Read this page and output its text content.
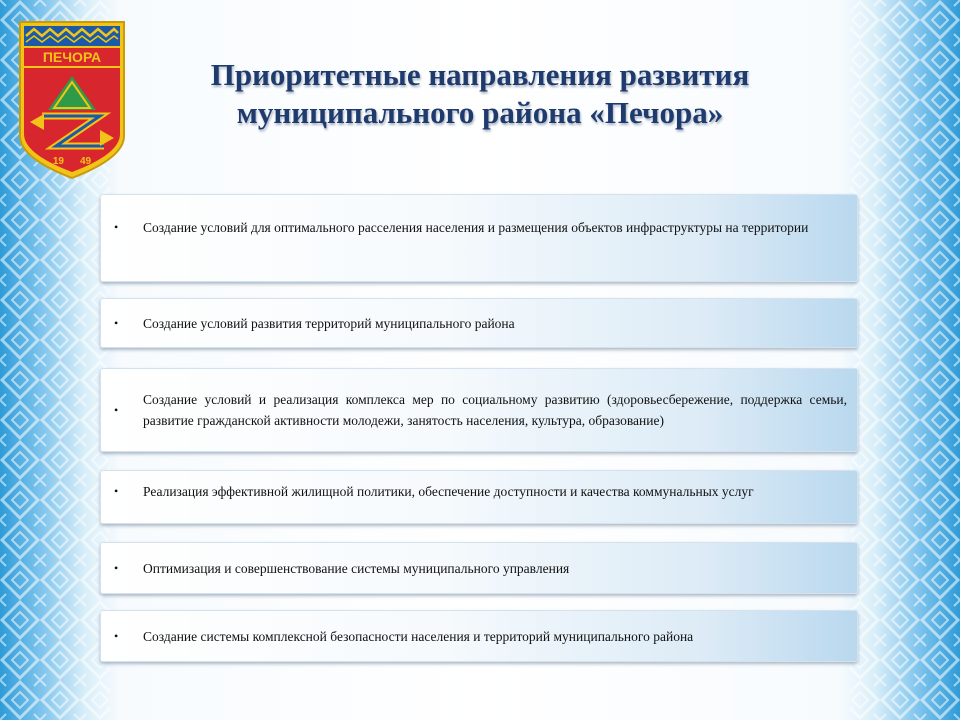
ПЕЧОРА
19 49
Приоритетные направления развития
муниципального района «Печора»
• Создание условий для оптимального расселения населения и размещения объектов инфраструктуры на территории
• Создание условий развития территорий муниципального района
•
Создание условий и реализация комплекса мер по социальному развитию (здоровьесбережение, поддержка семьи, развитие гражданской активности молодежи, занятость населения, культура, образование)
• Реализация эффективной жилищной политики, обеспечение доступности и качества коммунальных услуг
• Оптимизация и совершенствование системы муниципального управления
• Создание системы комплексной безопасности населения и территорий муниципального района
